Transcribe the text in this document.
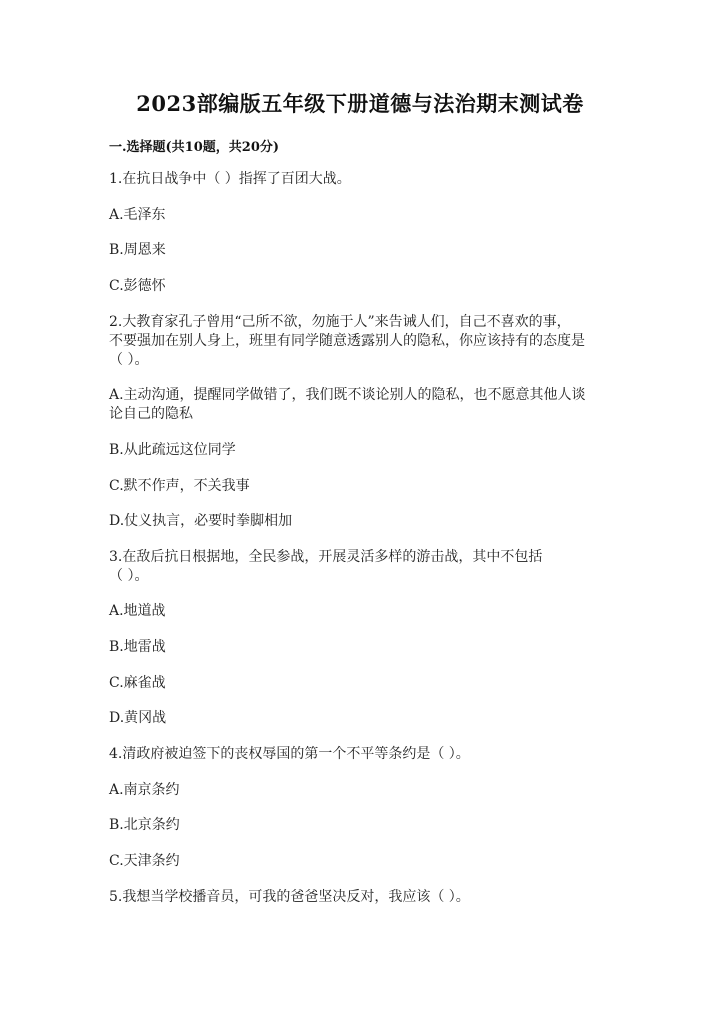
2023部编版五年级下册道德与法治期末测试卷
一.选择题(共10题，共20分)
1.在抗日战争中（ ）指挥了百团大战。
A.毛泽东
B.周恩来
C.彭德怀
2.大教育家孔子曾用“己所不欲，勿施于人”来告诫人们，自己不喜欢的事，
不要强加在别人身上，班里有同学随意透露别人的隐私，你应该持有的态度是
（ ）。
A.主动沟通，提醒同学做错了，我们既不谈论别人的隐私，也不愿意其他人谈
论自己的隐私
B.从此疏远这位同学
C.默不作声，不关我事
D.仗义执言，必要时拳脚相加
3.在敌后抗日根据地，全民参战，开展灵活多样的游击战，其中不包括
（ ）。
A.地道战
B.地雷战
C.麻雀战
D.黄冈战
4.清政府被迫签下的丧权辱国的第一个不平等条约是（ ）。
A.南京条约
B.北京条约
C.天津条约
5.我想当学校播音员，可我的爸爸坚决反对，我应该（ ）。
